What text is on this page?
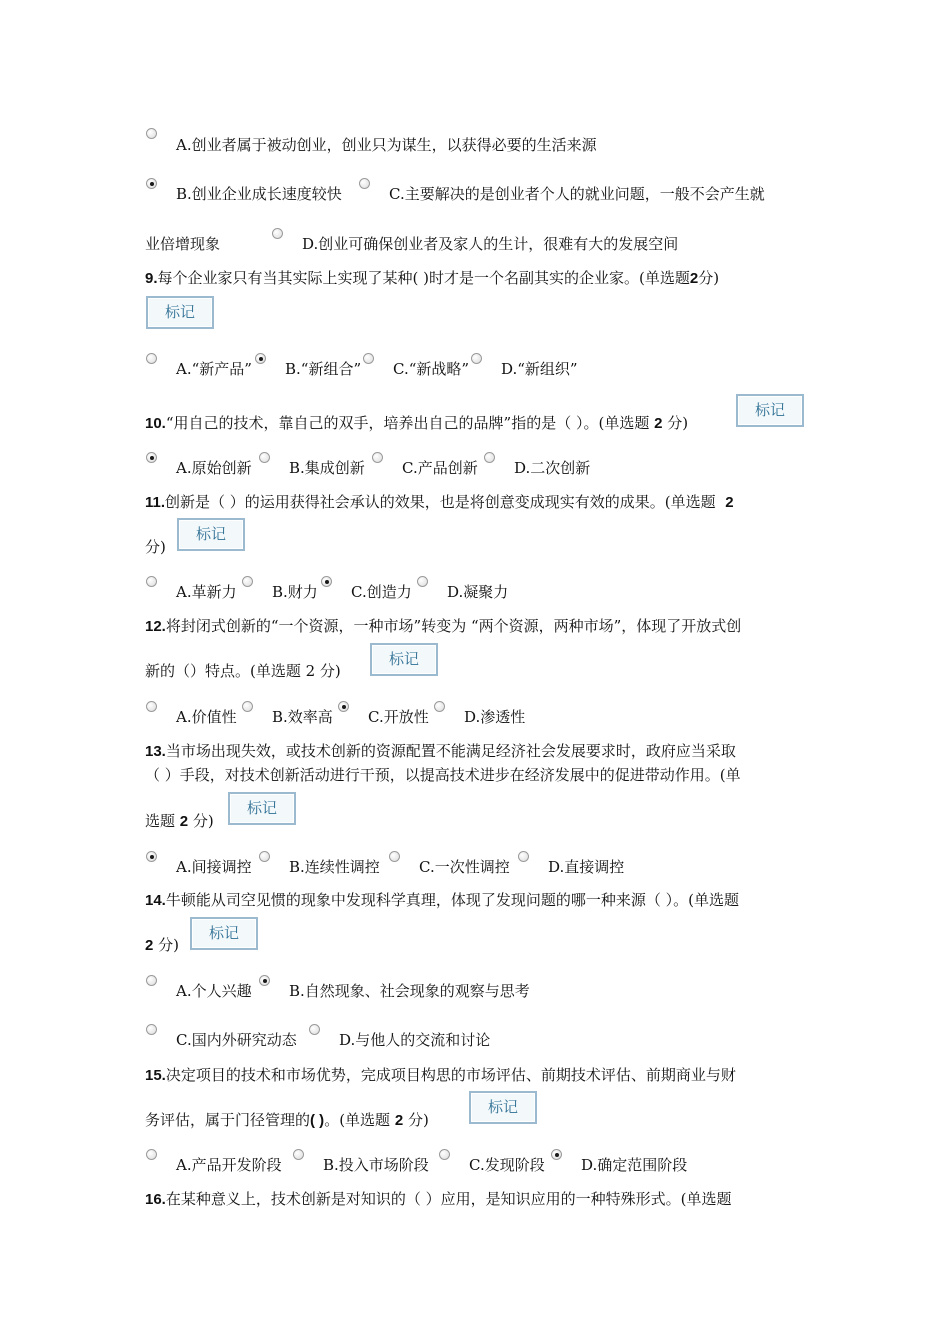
A.创业者属于被动创业，创业只为谋生，以获得必要的生活来源
B.创业企业成长速度较快	C.主要解决的是创业者个人的就业问题，一般不会产生就
业倍增现象	D.创业可确保创业者及家人的生计，很难有大的发展空间
9.每个企业家只有当其实际上实现了某种( )时才是一个名副其实的企业家。(单选题2分)
标记
A.“新产品” B.“新组合” C.“新战略” D.“新组织”
10.“用自己的技术，靠自己的双手，培养出自己的品牌”指的是（ ）。(单选题 2 分)
标记
A.原始创新 B.集成创新 C.产品创新 D.二次创新
11.创新是（ ）的运用获得社会承认的效果，也是将创意变成现实有效的成果。(单选题 2
分)
标记
A.革新力 B.财力 C.创造力 D.凝聚力
12.将封闭式创新的“一个资源，一种市场”转变为 “两个资源，两种市场”，体现了开放式创
新的（）特点。(单选题 2 分)
标记
A.价值性 B.效率高 C.开放性 D.渗透性
13.当市场出现失效，或技术创新的资源配置不能满足经济社会发展要求时，政府应当采取
（ ）手段，对技术创新活动进行干预，以提高技术进步在经济发展中的促进带动作用。(单
选题 2 分)
标记
A.间接调控 B.连续性调控	C.一次性调控	D.直接调控
14.牛顿能从司空见惯的现象中发现科学真理，体现了发现问题的哪一种来源（ ）。(单选题
2 分)
标记
A.个人兴趣 B.自然现象、社会现象的观察与思考
C.国内外研究动态	D.与他人的交流和讨论
15.决定项目的技术和市场优势，完成项目构思的市场评估、前期技术评估、前期商业与财
务评估，属于门径管理的( )。(单选题 2 分)
标记
A.产品开发阶段	B.投入市场阶段	C.发现阶段 D.确定范围阶段
16.在某种意义上，技术创新是对知识的（ ）应用，是知识应用的一种特殊形式。(单选题
